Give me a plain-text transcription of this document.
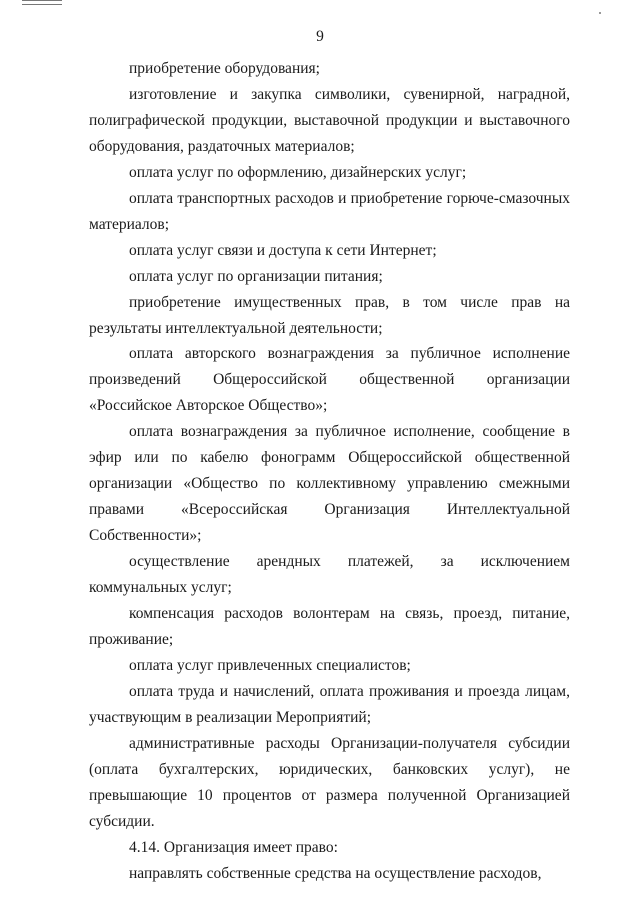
9

приобретение оборудования;

изготовление и закупка символики, сувенирной, наградной, полиграфической продукции, выставочной продукции и выставочного оборудования, раздаточных материалов;

оплата услуг по оформлению, дизайнерских услуг;

оплата транспортных расходов и приобретение горюче-смазочных материалов;

оплата услуг связи и доступа к сети Интернет;

оплата услуг по организации питания;

приобретение имущественных прав, в том числе прав на результаты интеллектуальной деятельности;

оплата авторского вознаграждения за публичное исполнение произведений Общероссийской общественной организации «Российское Авторское Общество»;

оплата вознаграждения за публичное исполнение, сообщение в эфир или по кабелю фонограмм Общероссийской общественной организации «Общество по коллективному управлению смежными правами «Всероссийская Организация Интеллектуальной Собственности»;

осуществление арендных платежей, за исключением коммунальных услуг;

компенсация расходов волонтерам на связь, проезд, питание, проживание;

оплата услуг привлеченных специалистов;

оплата труда и начислений, оплата проживания и проезда лицам, участвующим в реализации Мероприятий;

административные расходы Организации-получателя субсидии (оплата бухгалтерских, юридических, банковских услуг), не превышающие 10 процентов от размера полученной Организацией субсидии.

4.14. Организация имеет право:

направлять собственные средства на осуществление расходов,
